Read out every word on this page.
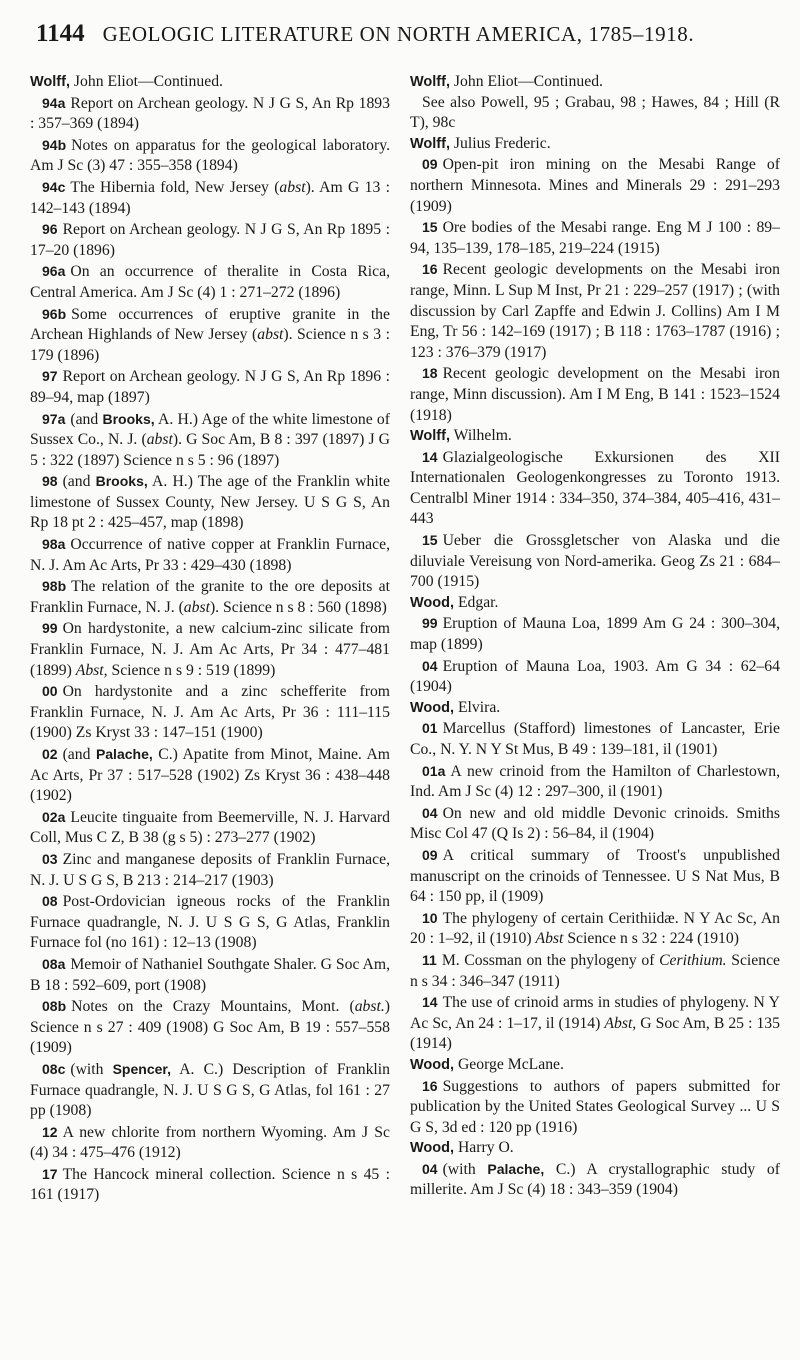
1144 GEOLOGIC LITERATURE ON NORTH AMERICA, 1785–1918.

Wolff, John Eliot—Continued.

94a Report on Archean geology. N J G S, An Rp 1893 : 357–369 (1894)

94b Notes on apparatus for the geological laboratory. Am J Sc (3) 47 : 355–358 (1894)

94c The Hibernia fold, New Jersey (abst). Am G 13 : 142–143 (1894)

96 Report on Archean geology. N J G S, An Rp 1895 : 17–20 (1896)

96a On an occurrence of theralite in Costa Rica, Central America. Am J Sc (4) 1 : 271–272 (1896)

96b Some occurrences of eruptive granite in the Archean Highlands of New Jersey (abst). Science n s 3 : 179 (1896)

97 Report on Archean geology. N J G S, An Rp 1896 : 89–94, map (1897)

97a (and Brooks, A. H.) Age of the white limestone of Sussex Co., N. J. (abst). G Soc Am, B 8 : 397 (1897) J G 5 : 322 (1897) Science n s 5 : 96 (1897)

98 (and Brooks, A. H.) The age of the Franklin white limestone of Sussex County, New Jersey. U S G S, An Rp 18 pt 2 : 425–457, map (1898)

98a Occurrence of native copper at Franklin Furnace, N. J. Am Ac Arts, Pr 33 : 429–430 (1898)

98b The relation of the granite to the ore deposits at Franklin Furnace, N. J. (abst). Science n s 8 : 560 (1898)

99 On hardystonite, a new calcium-zinc silicate from Franklin Furnace, N. J. Am Ac Arts, Pr 34 : 477–481 (1899) Abst, Science n s 9 : 519 (1899)

00 On hardystonite and a zinc schefferite from Franklin Furnace, N. J. Am Ac Arts, Pr 36 : 111–115 (1900) Zs Kryst 33 : 147–151 (1900)

02 (and Palache, C.) Apatite from Minot, Maine. Am Ac Arts, Pr 37 : 517–528 (1902) Zs Kryst 36 : 438–448 (1902)

02a Leucite tinguaite from Beemerville, N. J. Harvard Coll, Mus C Z, B 38 (g s 5) : 273–277 (1902)

03 Zinc and manganese deposits of Franklin Furnace, N. J. U S G S, B 213 : 214–217 (1903)

08 Post-Ordovician igneous rocks of the Franklin Furnace quadrangle, N. J. U S G S, G Atlas, Franklin Furnace fol (no 161) : 12–13 (1908)

08a Memoir of Nathaniel Southgate Shaler. G Soc Am, B 18 : 592–609, port (1908)

08b Notes on the Crazy Mountains, Mont. (abst.) Science n s 27 : 409 (1908) G Soc Am, B 19 : 557–558 (1909)

08c (with Spencer, A. C.) Description of Franklin Furnace quadrangle, N. J. U S G S, G Atlas, fol 161 : 27 pp (1908)

12 A new chlorite from northern Wyoming. Am J Sc (4) 34 : 475–476 (1912)

17 The Hancock mineral collection. Science n s 45 : 161 (1917)

Wolff, John Eliot—Continued.

See also Powell, 95 ; Grabau, 98 ; Hawes, 84 ; Hill (R T), 98c

Wolff, Julius Frederic.

09 Open-pit iron mining on the Mesabi Range of northern Minnesota. Mines and Minerals 29 : 291–293 (1909)

15 Ore bodies of the Mesabi range. Eng M J 100 : 89–94, 135–139, 178–185, 219–224 (1915)

16 Recent geologic developments on the Mesabi iron range, Minn. L Sup M Inst, Pr 21 : 229–257 (1917) ; (with discussion by Carl Zapffe and Edwin J. Collins) Am I M Eng, Tr 56 : 142–169 (1917) ; B 118 : 1763–1787 (1916) ; 123 : 376–379 (1917)

18 Recent geologic development on the Mesabi iron range, Minn discussion). Am I M Eng, B 141 : 1523–1524 (1918)

Wolff, Wilhelm.

14 Glazialgeologische Exkursionen des XII Internationalen Geologenkongresses zu Toronto 1913. Centralbl Miner 1914 : 334–350, 374–384, 405–416, 431–443

15 Ueber die Grossgletscher von Alaska und die diluviale Vereisung von Nord-amerika. Geog Zs 21 : 684–700 (1915)

Wood, Edgar.

99 Eruption of Mauna Loa, 1899 Am G 24 : 300–304, map (1899)

04 Eruption of Mauna Loa, 1903. Am G 34 : 62–64 (1904)

Wood, Elvira.

01 Marcellus (Stafford) limestones of Lancaster, Erie Co., N. Y. N Y St Mus, B 49 : 139–181, il (1901)

01a A new crinoid from the Hamilton of Charlestown, Ind. Am J Sc (4) 12 : 297–300, il (1901)

04 On new and old middle Devonic crinoids. Smiths Misc Col 47 (Q Is 2) : 56–84, il (1904)

09 A critical summary of Troost's unpublished manuscript on the crinoids of Tennessee. U S Nat Mus, B 64 : 150 pp, il (1909)

10 The phylogeny of certain Cerithiidæ. N Y Ac Sc, An 20 : 1–92, il (1910) Abst Science n s 32 : 224 (1910)

11 M. Cossman on the phylogeny of Cerithium. Science n s 34 : 346–347 (1911)

14 The use of crinoid arms in studies of phylogeny. N Y Ac Sc, An 24 : 1–17, il (1914) Abst, G Soc Am, B 25 : 135 (1914)

Wood, George McLane.

16 Suggestions to authors of papers submitted for publication by the United States Geological Survey ... U S G S, 3d ed : 120 pp (1916)

Wood, Harry O.

04 (with Palache, C.) A crystallographic study of millerite. Am J Sc (4) 18 : 343–359 (1904)
